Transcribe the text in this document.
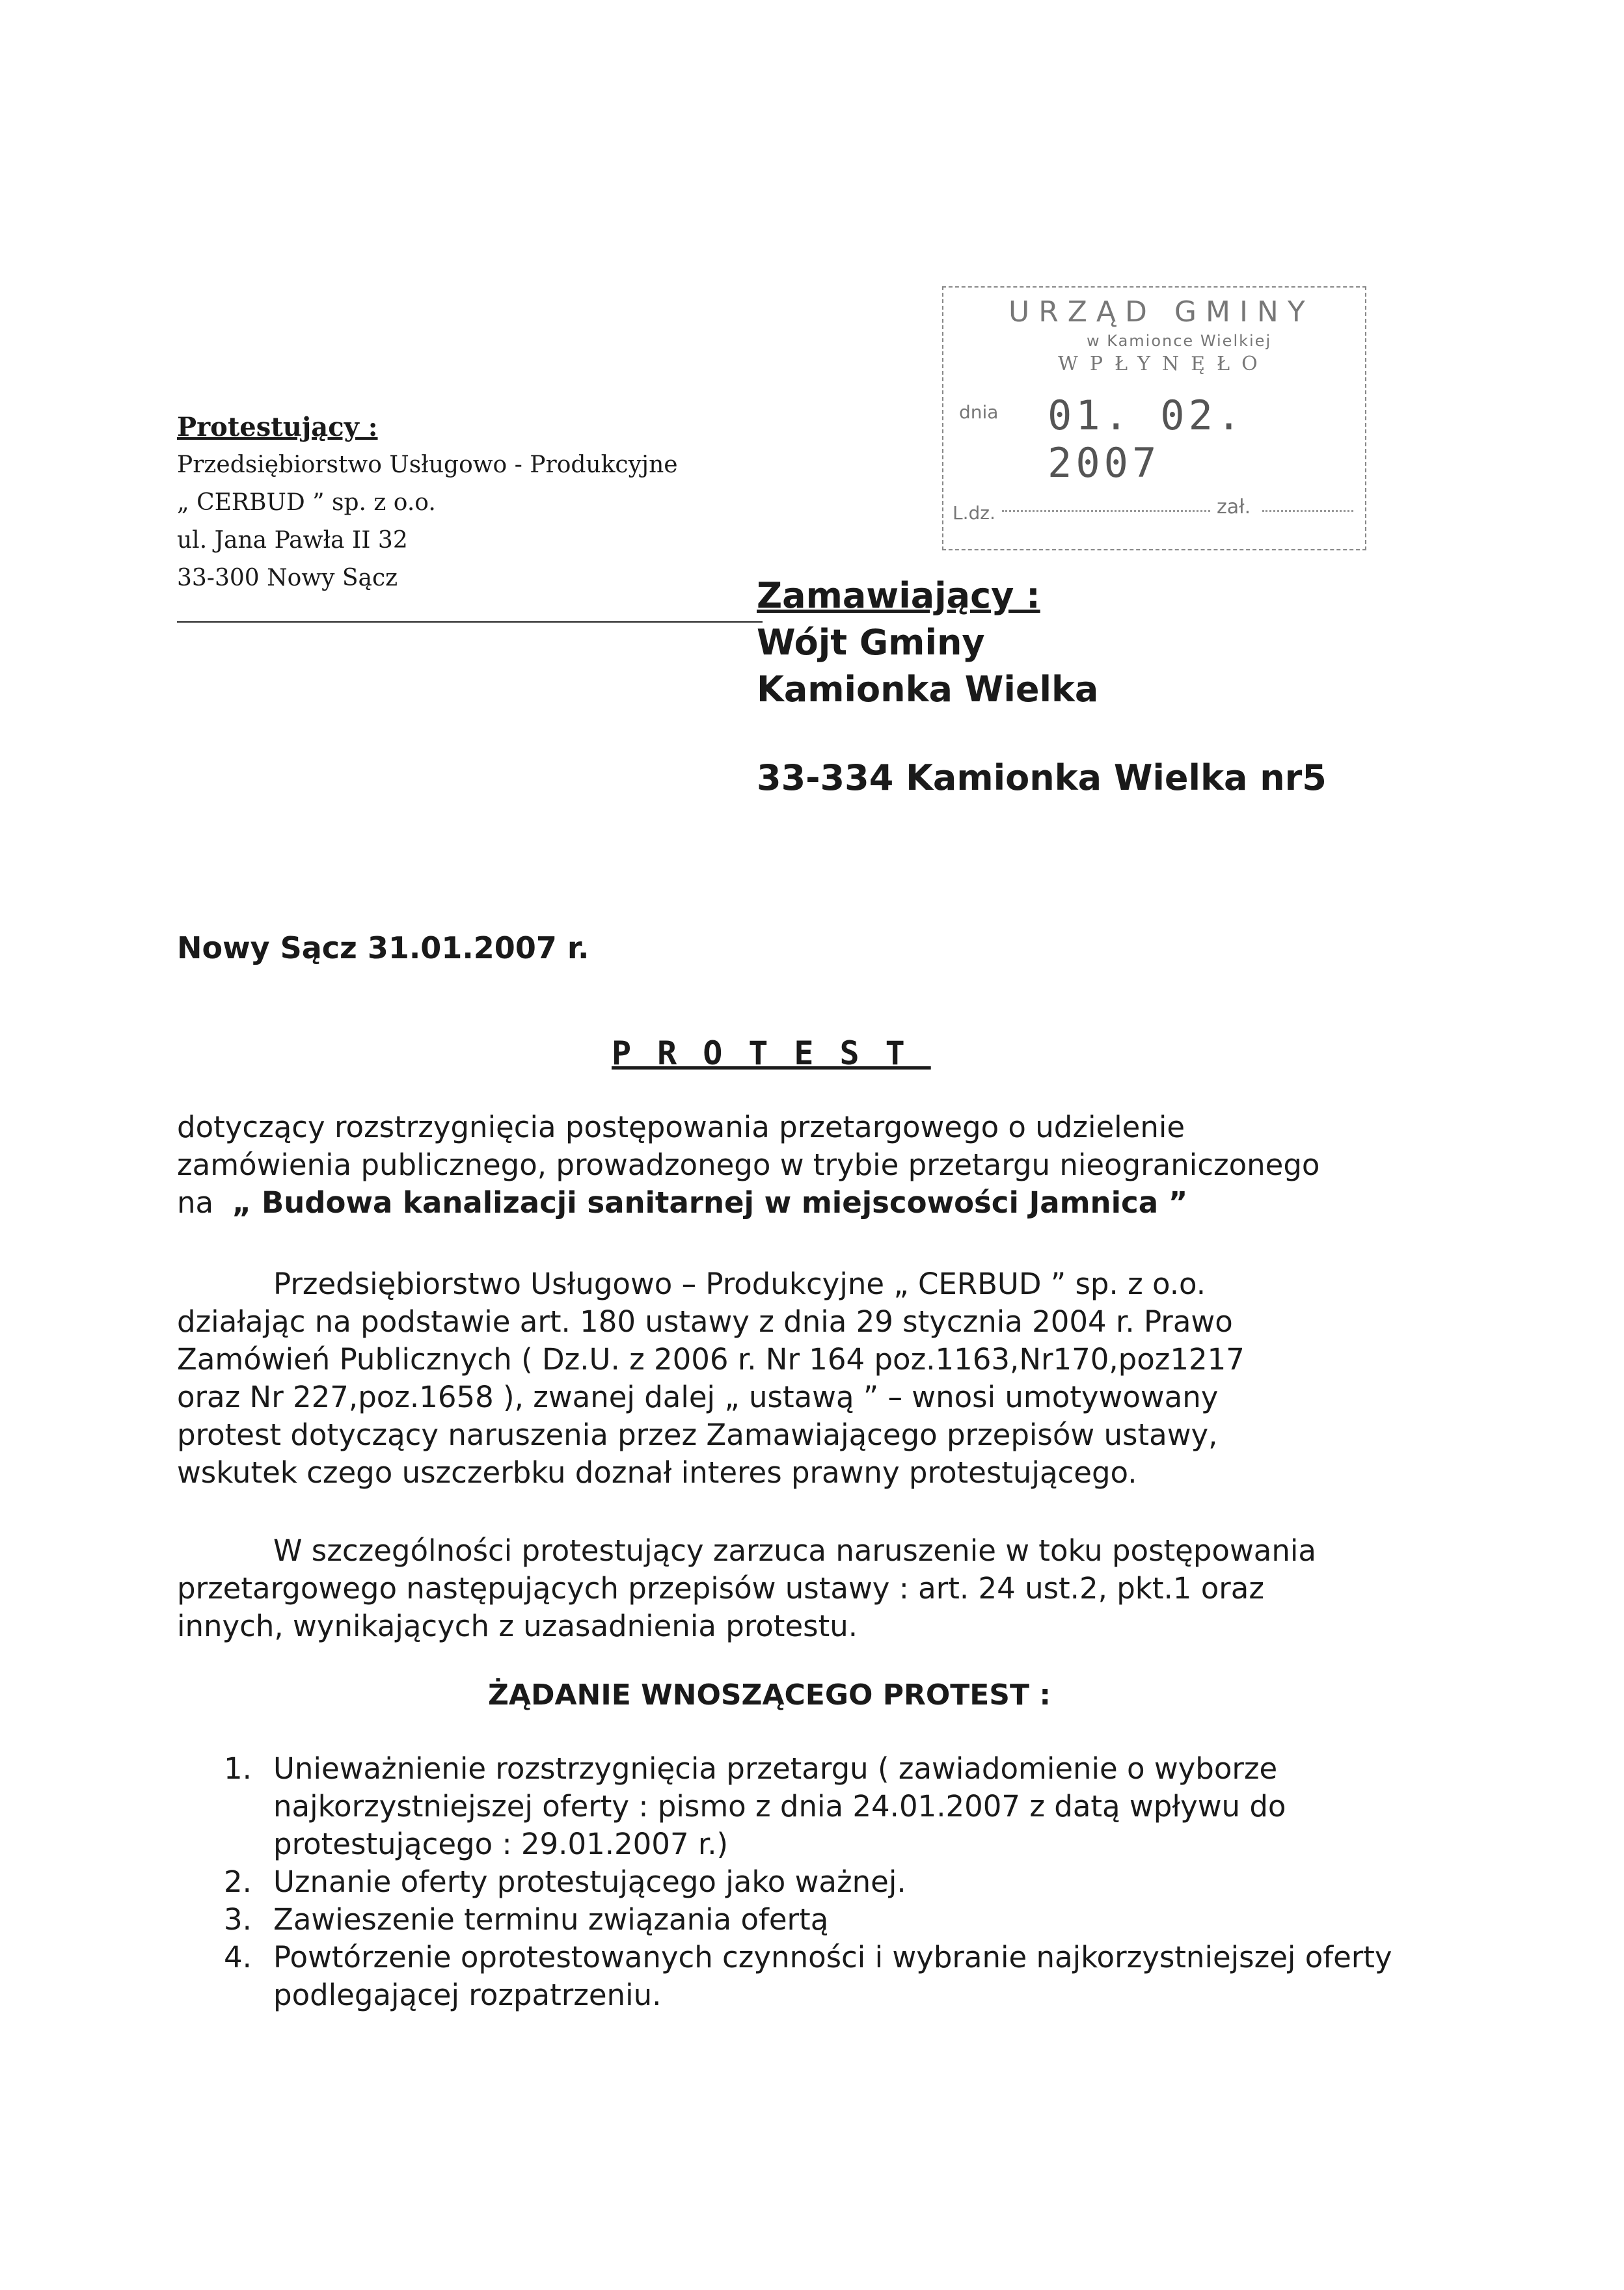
Protestujący :
Przedsiębiorstwo Usługowo - Produkcyjne
„ CERBUD ” sp. z o.o.
ul. Jana Pawła II 32
33-300 Nowy Sącz
URZĄD GMINY
w Kamionce Wielkiej
WPŁYNĘŁO
dnia 01. 02. 2007
L.dz.	zał.
Zamawiający :
Wójt Gminy
Kamionka Wielka
33-334 Kamionka Wielka nr5
Nowy Sącz 31.01.2007 r.
PROTEST
dotyczący rozstrzygnięcia postępowania przetargowego o udzielenie
zamówienia publicznego, prowadzonego w trybie przetargu nieograniczonego
na „ Budowa kanalizacji sanitarnej w miejscowości Jamnica ”
Przedsiębiorstwo Usługowo – Produkcyjne „ CERBUD ” sp. z o.o.
działając na podstawie art. 180 ustawy z dnia 29 stycznia 2004 r. Prawo
Zamówień Publicznych ( Dz.U. z 2006 r. Nr 164 poz.1163,Nr170,poz1217
oraz Nr 227,poz.1658 ), zwanej dalej „ ustawą ” – wnosi umotywowany
protest dotyczący naruszenia przez Zamawiającego przepisów ustawy,
wskutek czego uszczerbku doznał interes prawny protestującego.
W szczególności protestujący zarzuca naruszenie w toku postępowania
przetargowego następujących przepisów ustawy : art. 24 ust.2, pkt.1 oraz
innych, wynikających z uzasadnienia protestu.
ŻĄDANIE WNOSZĄCEGO PROTEST :
1. Unieważnienie rozstrzygnięcia przetargu ( zawiadomienie o wyborze najkorzystniejszej oferty : pismo z dnia 24.01.2007 z datą wpływu do protestującego : 29.01.2007 r.)
2. Uznanie oferty protestującego jako ważnej.
3. Zawieszenie terminu związania ofertą
4. Powtórzenie oprotestowanych czynności i wybranie najkorzystniejszej oferty podlegającej rozpatrzeniu.
